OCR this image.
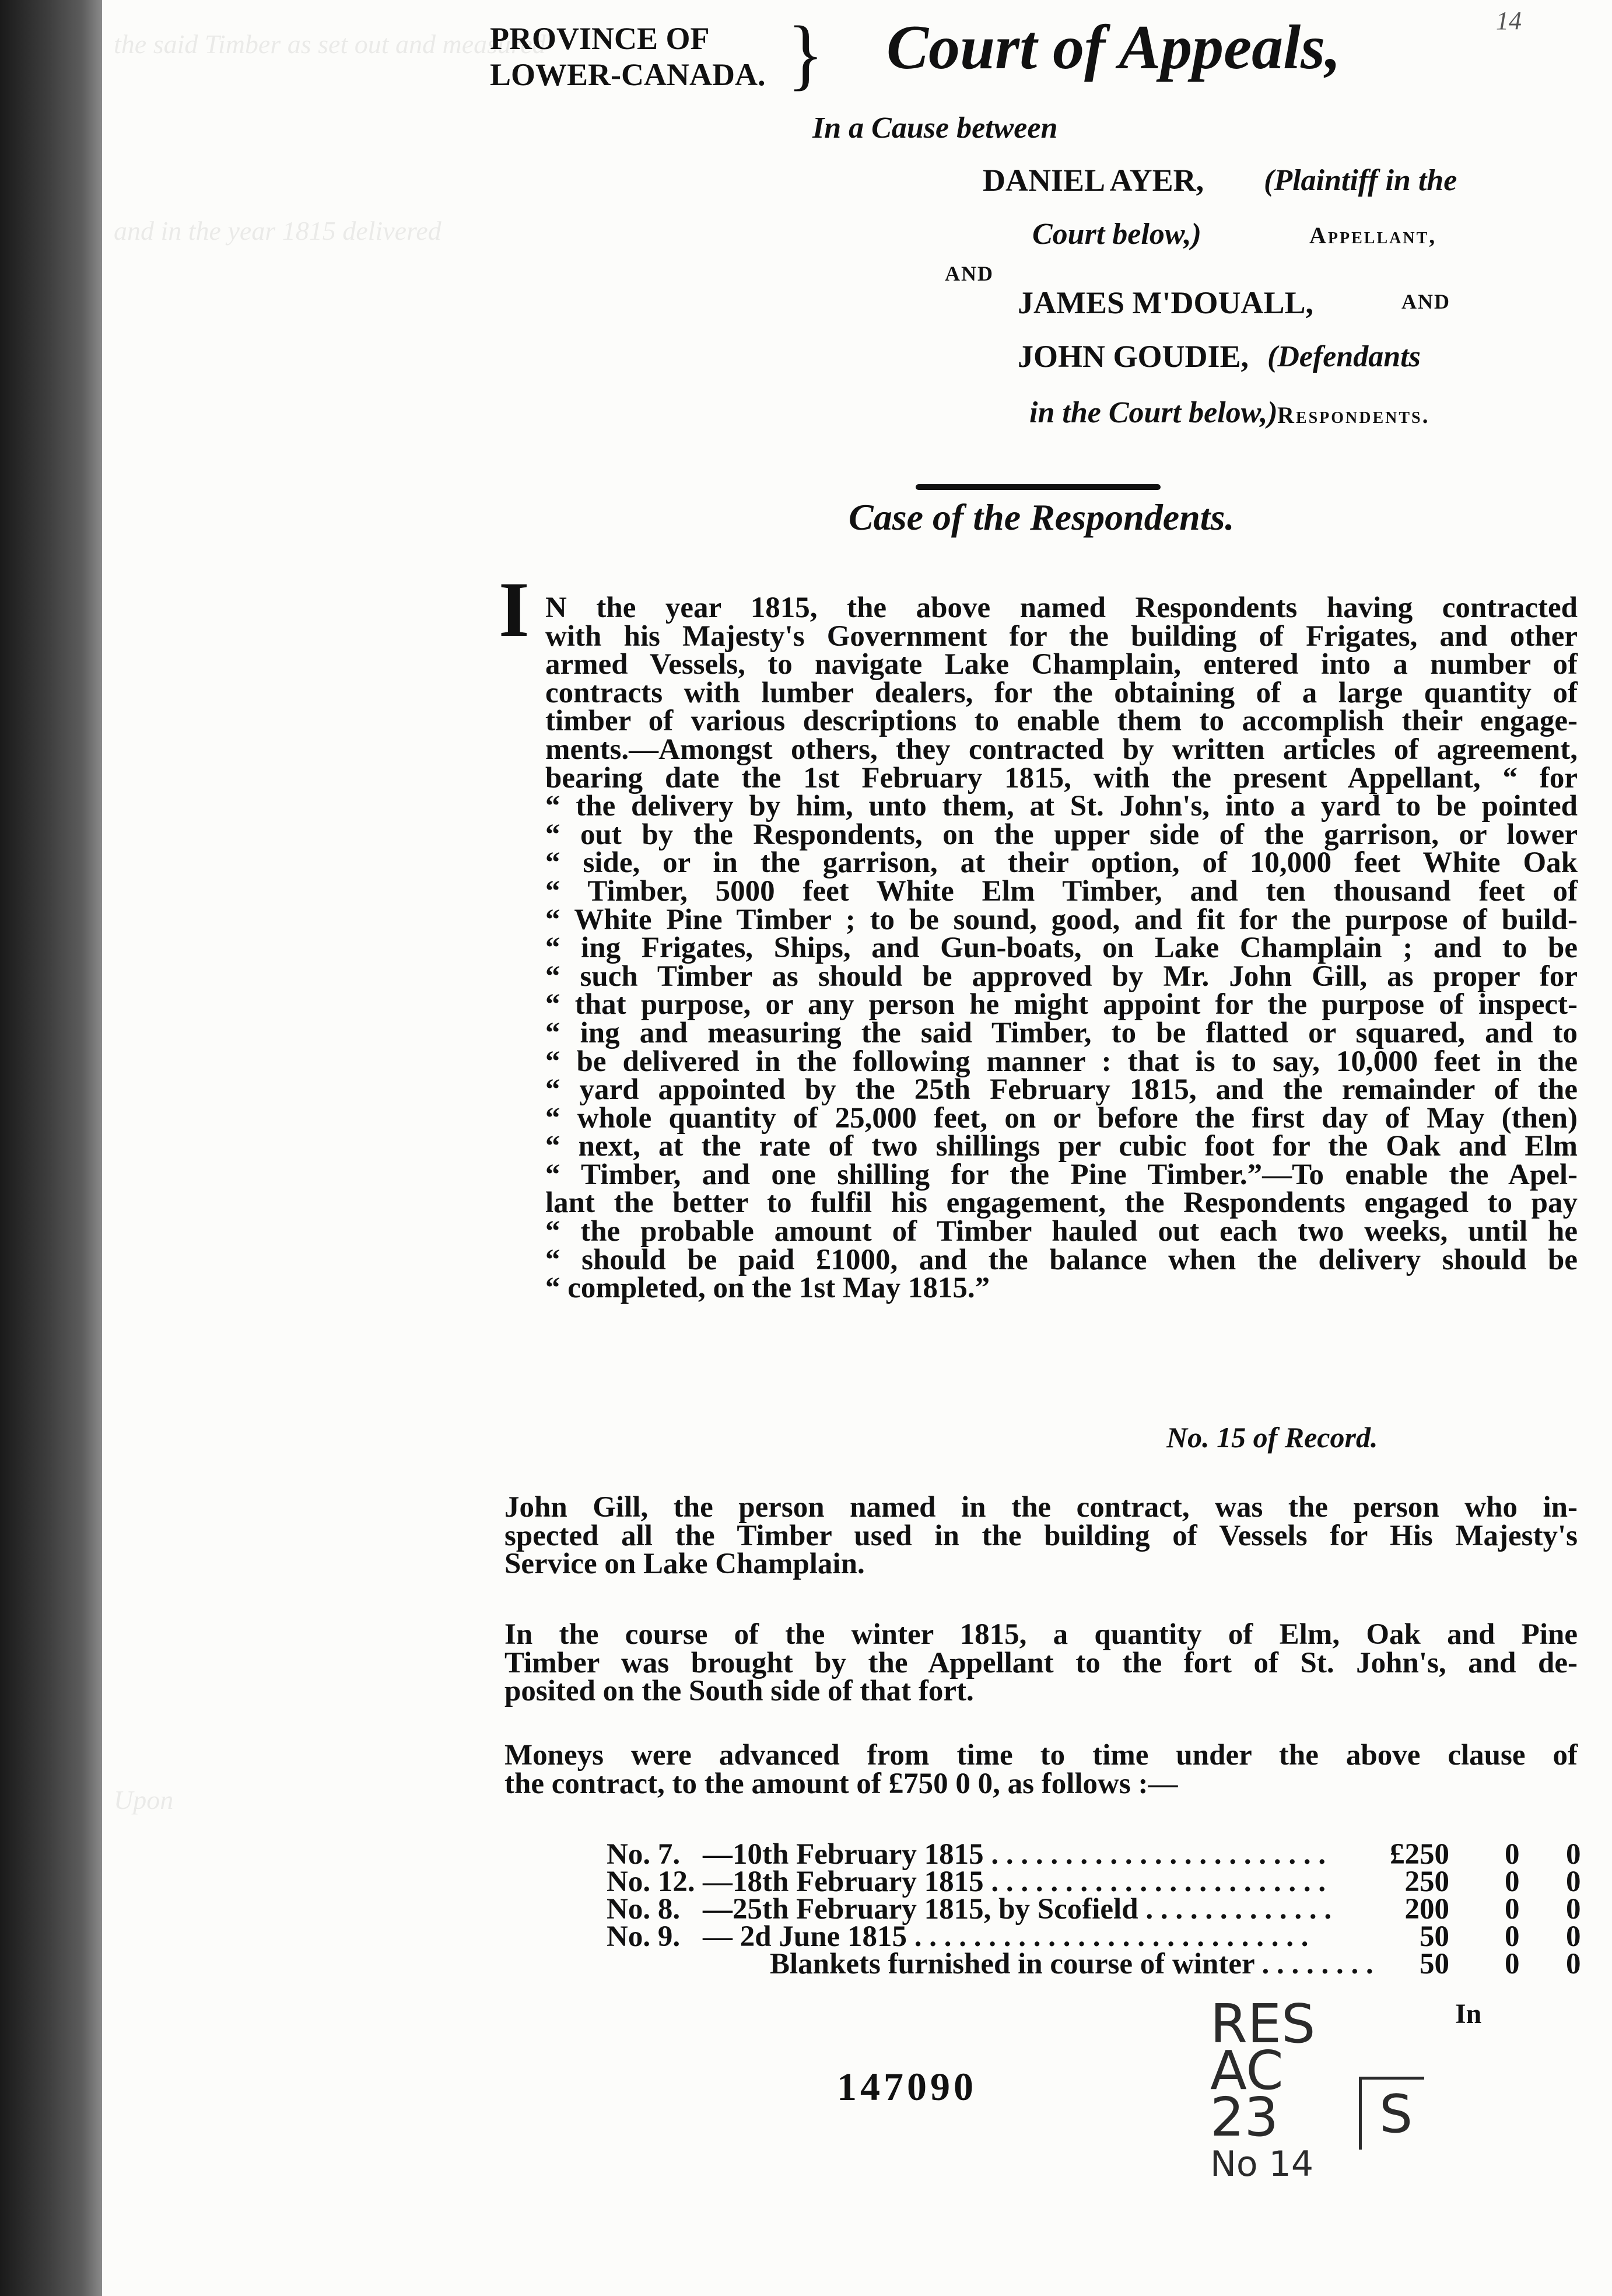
the said Timber as set out and measured
and in the year 1815 delivered
Upon
PROVINCE OF
LOWER-CANADA. } Court of Appeals,	14
In a Cause between
DANIEL AYER, (Plaintiff in the
Court below,)	Appellant,
AND
JAMES M'DOUALL,	AND
JOHN GOUDIE, (Defendants
in the Court below,) Respondents.
Case of the Respondents.
I N the year 1815, the above named Respondents having contracted
with his Majesty's Government for the building of Frigates, and other
armed Vessels, to navigate Lake Champlain, entered into a number of
contracts with lumber dealers, for the obtaining of a large quantity of
timber of various descriptions to enable them to accomplish their engage-
ments.—Amongst others, they contracted by written articles of agreement,
bearing date the 1st February 1815, with the present Appellant, “ for
“ the delivery by him, unto them, at St. John's, into a yard to be pointed
“ out by the Respondents, on the upper side of the garrison, or lower
“ side, or in the garrison, at their option, of 10,000 feet White Oak
“ Timber, 5000 feet White Elm Timber, and ten thousand feet of
“ White Pine Timber ; to be sound, good, and fit for the purpose of build-
“ ing Frigates, Ships, and Gun-boats, on Lake Champlain ; and to be
“ such Timber as should be approved by Mr. John Gill, as proper for
“ that purpose, or any person he might appoint for the purpose of inspect-
“ ing and measuring the said Timber, to be flatted or squared, and to
“ be delivered in the following manner : that is to say, 10,000 feet in the
“ yard appointed by the 25th February 1815, and the remainder of the
“ whole quantity of 25,000 feet, on or before the first day of May (then)
“ next, at the rate of two shillings per cubic foot for the Oak and Elm
“ Timber, and one shilling for the Pine Timber.”—To enable the Apel-
lant the better to fulfil his engagement, the Respondents engaged to pay
“ the probable amount of Timber hauled out each two weeks, until he
“ should be paid £1000, and the balance when the delivery should be
“ completed, on the 1st May 1815.”
No. 15 of Record.
John Gill, the person named in the contract, was the person who in-
spected all the Timber used in the building of Vessels for His Majesty's
Service on Lake Champlain.
In the course of the winter 1815, a quantity of Elm, Oak and Pine
Timber was brought by the Appellant to the fort of St. John's, and de-
posited on the South side of that fort.
Moneys were advanced from time to time under the above clause of
the contract, to the amount of £750 0 0, as follows :—
No. 7. —10th February 1815 . . . . . . . . . . . . . . . . . . . . . . .	£250 0 0
No. 12. —18th February 1815 . . . . . . . . . . . . . . . . . . . . . . .	250 0 0
No. 8. —25th February 1815, by Scofield . . . . . . . . . . . . .	200 0 0
No. 9. — 2d June 1815 . . . . . . . . . . . . . . . . . . . . . . . . . . .	50 0 0
Blankets furnished in course of winter . . . . . . . .	50 0 0
In
147090
RES
AC
23
No 14
S
